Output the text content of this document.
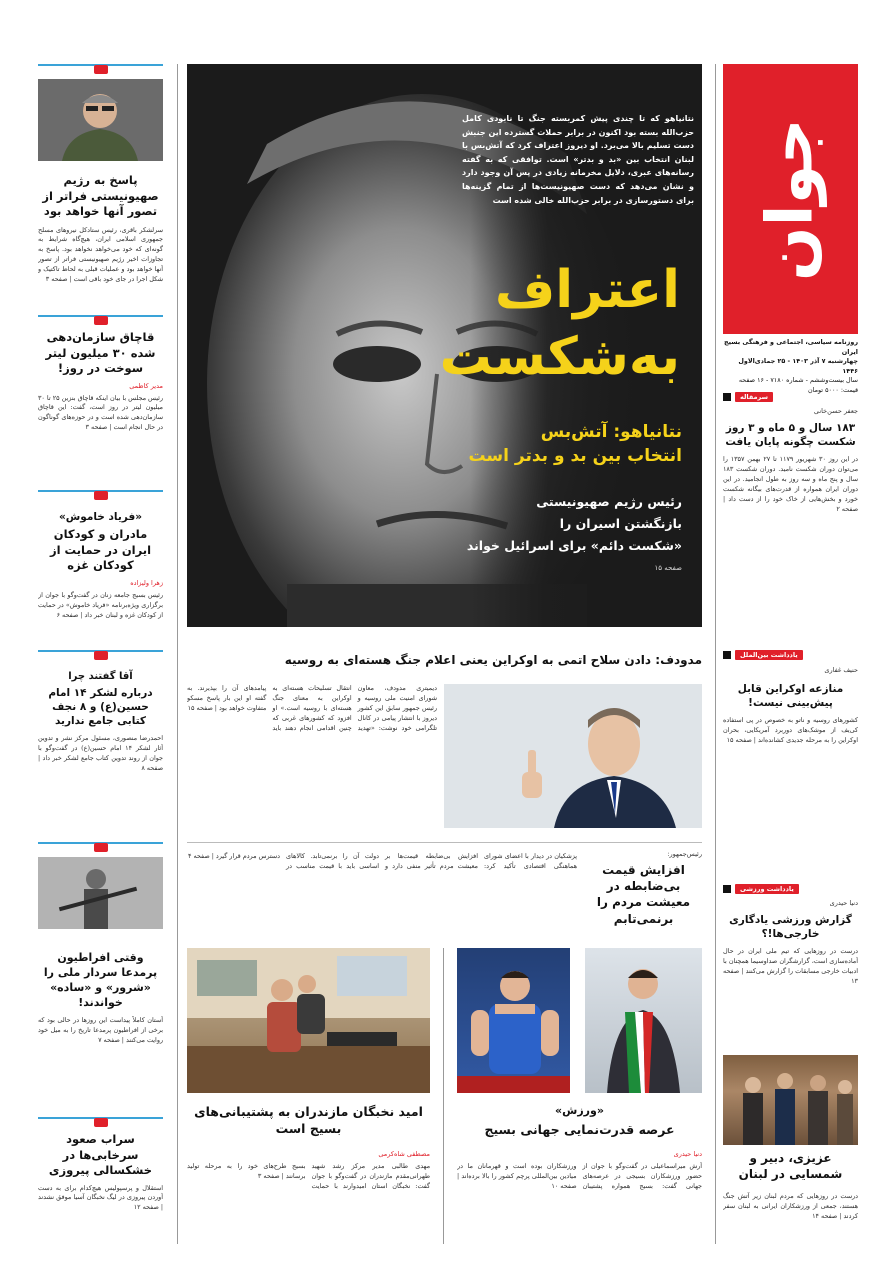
جوان
روزنامه سیاسی، اجتماعی و فرهنگی بسیج ایران
چهارشنبه ۷ آذر ۱۴۰۳ - ۲۵ جمادی‌الاول ۱۴۴۶
سال بیست‌وششم - شماره ۷۱۸۰ - ۱۶ صفحه
قیمت: ۵۰۰۰ تومان
سرمقاله
جعفر حسن‌خانی
۱۸۳ سال و ۵ ماه و ۳ روز شکست چگونه پایان یافت
در این روز ۳۰ شهریور ۱۱۷۹ تا ۲۷ بهمن ۱۳۵۷ را می‌توان دوران شکست نامید. دوران شکست ۱۸۳ سال و پنج ماه و سه روز به طول انجامید. در این دوران ایران همواره از قدرت‌های بیگانه شکست خورد و بخش‌هایی از خاک خود را از دست داد | صفحه ۲
یادداشت بین‌الملل
حنیف غفاری
منازعه اوکراین قابل پیش‌بینی نیست!
کشورهای روسیه و ناتو به خصوص در پی استفاده کی‌یف از موشک‌های دوربرد آمریکایی، بحران اوکراین را به مرحله جدیدی کشانده‌اند | صفحه ۱۵
یادداشت ورزشی
دنیا حیدری
گزارش ورزشی یادگاری خارجی‌ها!؟
درست در روزهایی که تیم ملی ایران در حال آماده‌سازی است، گزارشگران صداوسیما همچنان با ادبیات خارجی مسابقات را گزارش می‌کنند | صفحه ۱۳
عزیزی، دبیر و شمسایی در لبنان
درست در روزهایی که مردم لبنان زیر آتش جنگ هستند، جمعی از ورزشکاران ایرانی به لبنان سفر کردند | صفحه ۱۴
نتانیاهو که تا چندی پیش کمربسته جنگ تا نابودی کامل حزب‌الله بسته بود اکنون در برابر حملات گسترده این جنبش دست تسلیم بالا می‌برد. او دیروز اعتراف کرد که آتش‌بس با لبنان انتخاب بین «بد و بدتر» است. توافقی که به گفته رسانه‌های عبری، دلایل مخرمانه زیادی در پس آن وجود دارد و نشان می‌دهد که دست صهیونیست‌ها از تمام گزینه‌ها برای دستورسازی در برابر حزب‌الله خالی شده است
اعتراف
به‌شکست
نتانیاهو: آتش‌بس
انتخاب بین بد و بدتر است
رئیس رژیم صهیونیستی
بازنگشتن اسیران را
«شکست دائم» برای اسرائیل خواند
صفحه ۱۵
مدودف: دادن سلاح اتمی به اوکراین یعنی اعلام جنگ هسته‌ای به روسیه
دیمیتری مدودف، معاون شورای امنیت ملی روسیه و رئیس جمهور سابق این کشور دیروز با انتشار پیامی در کانال تلگرامی خود نوشت: «تهدید انتقال تسلیحات هسته‌ای به اوکراین به معنای جنگ هسته‌ای با روسیه است.» او افزود که کشورهای غربی که چنین اقدامی انجام دهند باید پیامدهای آن را بپذیرند. به گفته او این بار پاسخ مسکو متفاوت خواهد بود | صفحه ۱۵
رئیس‌جمهور:
افزایش قیمت بی‌ضابطه در معیشت مردم را برنمی‌تابم
پزشکیان در دیدار با اعضای شورای هماهنگی اقتصادی تأکید کرد: افزایش بی‌ضابطه قیمت‌ها بر معیشت مردم تأثیر منفی دارد و دولت آن را برنمی‌تابد. کالاهای اساسی باید با قیمت مناسب در دسترس مردم قرار گیرد | صفحه ۴
«ورزش»
عرصه قدرت‌نمایی جهانی بسیج
دنیا حیدری
آرش میراسماعیلی در گفت‌وگو با جوان از حضور ورزشکاران بسیجی در عرصه‌های جهانی گفت: بسیج همواره پشتیبان ورزشکاران بوده است و قهرمانان ما در میادین بین‌المللی پرچم کشور را بالا برده‌اند | صفحه ۱۰
امید نخبگان مازندران به پشتیبانی‌های بسیج است
مصطفی شاه‌کرمی
مهدی طالبی مدیر مرکز رشد شهید طهرانی‌مقدم مازندران در گفت‌وگو با جوان گفت: نخبگان استان امیدوارند با حمایت بسیج طرح‌های خود را به مرحله تولید برسانند | صفحه ۳
پاسخ به رژیم صهیونیستی فراتر از تصور آنها خواهد بود
سرلشکر باقری، رئیس ستادکل نیروهای مسلح جمهوری اسلامی ایران، هیچ‌گاه شرایط به گونه‌ای که خود می‌خواهد نخواهد بود. پاسخ به تجاوزات اخیر رژیم صهیونیستی فراتر از تصور آنها خواهد بود و عملیات قبلی به لحاظ تاکتیک و شکل اجرا در جای خود باقی است | صفحه ۳
قاچاق سازمان‌دهی شده ۳۰ میلیون لیتر سوخت در روز!
مدیر کاظمی
رئیس مجلس با بیان اینکه قاچاق بنزین ۲۵ تا ۳۰ میلیون لیتر در روز است، گفت: این قاچاق سازمان‌دهی شده است و در حوزه‌های گوناگون در حال انجام است | صفحه ۳
«فریاد خاموش»
مادران و کودکان ایران در حمایت از کودکان غزه
زهرا ولیزاده
رئیس بسیج جامعه زنان در گفت‌وگو با جوان از برگزاری ویژه‌برنامه «فریاد خاموش» در حمایت از کودکان غزه و لبنان خبر داد | صفحه ۶
آقا گفتند چرا
درباره لشکر ۱۴ امام حسین(ع) و ۸ نجف کتابی جامع ندارید
احمدرضا منصوری، مسئول مرکز نشر و تدوین آثار لشکر ۱۴ امام حسین(ع) در گفت‌وگو با جوان از روند تدوین کتاب جامع لشکر خبر داد | صفحه ۸
وقتی افراطیون پرمدعا سردار ملی را «شرور» و «ساده» خواندند!
آستان کاملاً پیداست این روزها در حالی بود که برخی از افراطیون پرمدعا تاریخ را به میل خود روایت می‌کنند | صفحه ۷
سراب صعود سرخابی‌ها در خشکسالی پیروزی
استقلال و پرسپولیس هیچ‌کدام برای به دست آوردن پیروزی در لیگ نخبگان آسیا موفق نشدند | صفحه ۱۲
